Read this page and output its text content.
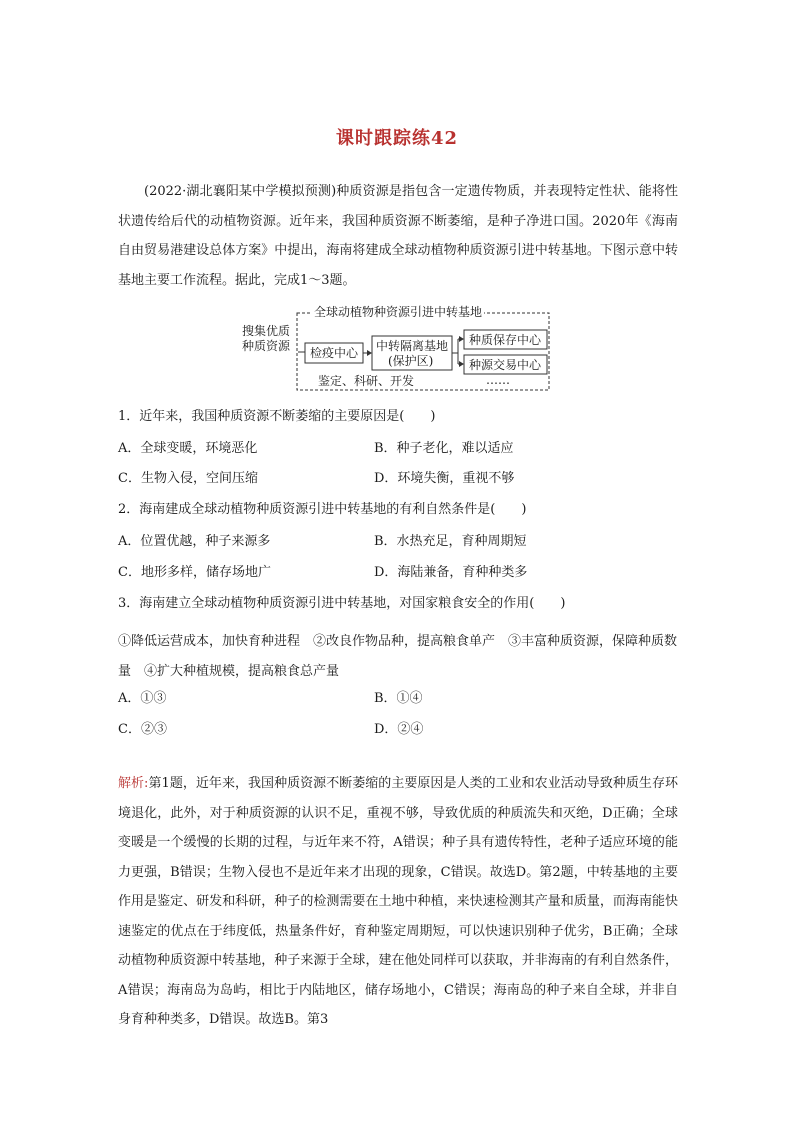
课时跟踪练42

(2022·湖北襄阳某中学模拟预测)种质资源是指包含一定遗传物质，并表现特定性状、能将性状遗传给后代的动植物资源。近年来，我国种质资源不断萎缩，是种子净进口国。2020年《海南自由贸易港建设总体方案》中提出，海南将建成全球动植物种质资源引进中转基地。下图示意中转基地主要工作流程。据此，完成1～3题。

全球动植物种资源引进中转基地
搜集优质
种质资源 检疫中心 中转隔离基地
(保护区)
种质保存中心
种源交易中心
鉴定、科研、开发	……
1．近年来，我国种质资源不断萎缩的主要原因是(　　)
A．全球变暖，环境恶化	B．种子老化，难以适应
C．生物入侵，空间压缩	D．环境失衡，重视不够
2．海南建成全球动植物种质资源引进中转基地的有利自然条件是(　　)
A．位置优越，种子来源多	B．水热充足，育种周期短
C．地形多样，储存场地广	D．海陆兼备，育种种类多
3．海南建立全球动植物种质资源引进中转基地，对国家粮食安全的作用(　　)
①降低运营成本，加快育种进程　②改良作物品种，提高粮食单产　③丰富种质资源，保障种质数量　④扩大种植规模，提高粮食总产量
A．①③	B．①④
C．②③	D．②④
解析:第1题，近年来，我国种质资源不断萎缩的主要原因是人类的工业和农业活动导致种质生存环境退化，此外，对于种质资源的认识不足，重视不够，导致优质的种质流失和灭绝，D正确；全球变暖是一个缓慢的长期的过程，与近年来不符，A错误；种子具有遗传特性，老种子适应环境的能力更强，B错误；生物入侵也不是近年来才出现的现象，C错误。故选D。第2题，中转基地的主要作用是鉴定、研发和科研，种子的检测需要在土地中种植，来快速检测其产量和质量，而海南能快速鉴定的优点在于纬度低，热量条件好，育种鉴定周期短，可以快速识别种子优劣，B正确；全球动植物种质资源中转基地，种子来源于全球，建在他处同样可以获取，并非海南的有利自然条件，A错误；海南岛为岛屿，相比于内陆地区，储存场地小，C错误；海南岛的种子来自全球，并非自身育种种类多，D错误。故选B。第3
